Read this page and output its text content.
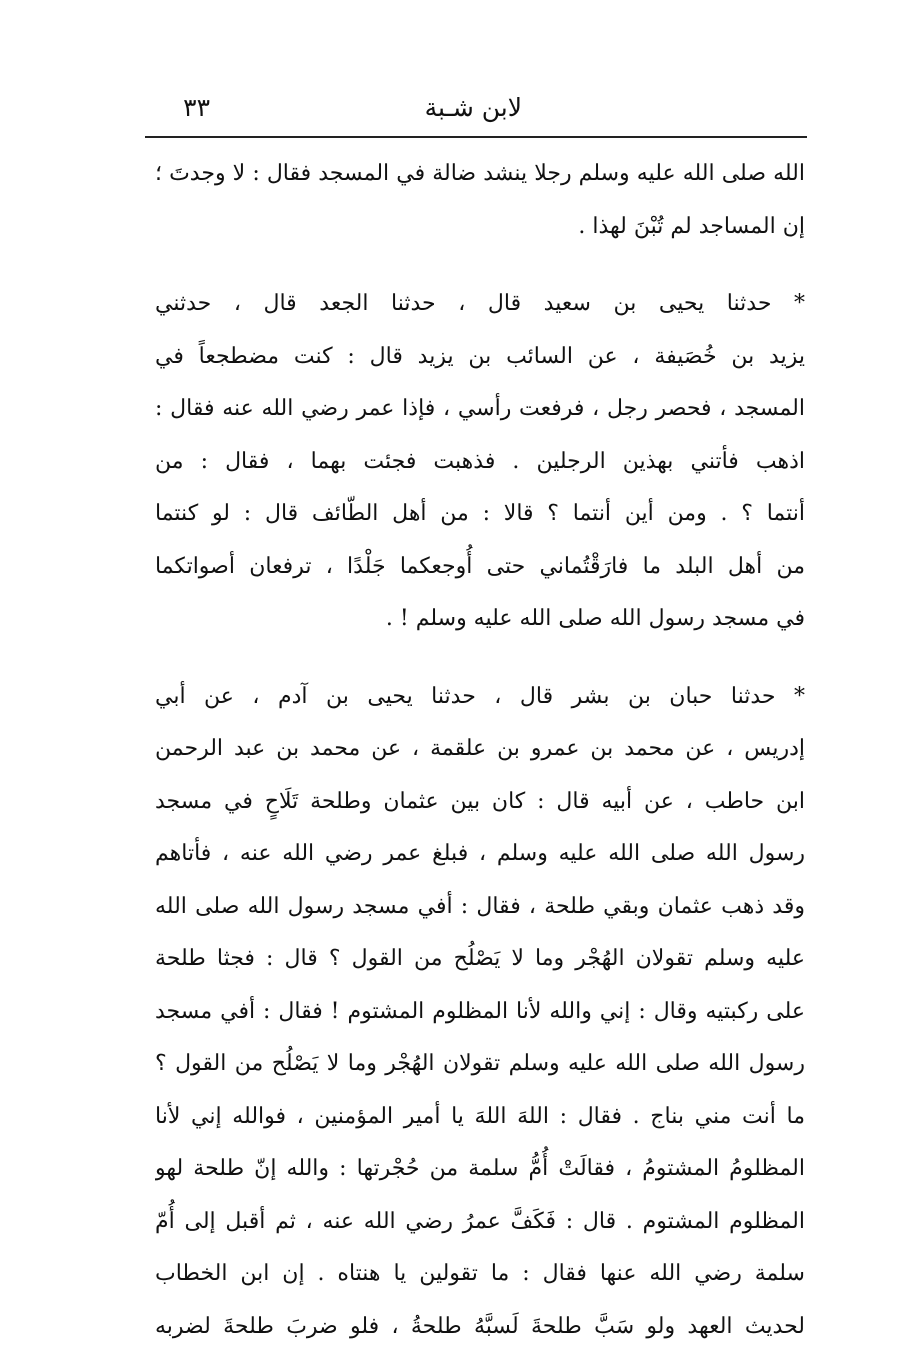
لابن شـبة
٣٣
الله صلى الله عليه وسلم رجلا ينشد ضالة في المسجد فقال : لا وجدتَ ؛
إن المساجد لم تُبْنَ لهذا .
* حدثنا يحيى بن سعيد قال ، حدثنا الجعد قال ، حدثني
يزيد بن خُصَيفة ، عن السائب بن يزيد قال : كنت مضطجعاً في
المسجد ، فحصر رجل ، فرفعت رأسي ، فإذا عمر رضي الله عنه فقال :
اذهب فأتني بهذين الرجلين . فذهبت فجئت بهما ، فقال : من
أنتما ؟ . ومن أين أنتما ؟ قالا : من أهل الطّائف قال : لو كنتما
من أهل البلد ما فارَقْتُماني حتى أُوجعكما جَلْدًا ، ترفعان أصواتكما
في مسجد رسول الله صلى الله عليه وسلم ! .
* حدثنا حبان بن بشر قال ، حدثنا يحيى بن آدم ، عن أبي
إدريس ، عن محمد بن عمرو بن علقمة ، عن محمد بن عبد الرحمن
ابن حاطب ، عن أبيه قال : كان بين عثمان وطلحة تَلَاحٍ في مسجد
رسول الله صلى الله عليه وسلم ، فبلغ عمر رضي الله عنه ، فأتاهم
وقد ذهب عثمان وبقي طلحة ، فقال : أفي مسجد رسول الله صلى الله
عليه وسلم تقولان الهُجْر وما لا يَصْلُح من القول ؟ قال : فجثا طلحة
على ركبتيه وقال : إني والله لأنا المظلوم المشتوم ! فقال : أفي مسجد
رسول الله صلى الله عليه وسلم تقولان الهُجْر وما لا يَصْلُح من القول ؟
ما أنت مني بناج . فقال : اللهَ اللهَ يا أمير المؤمنين ، فوالله إني لأنا
المظلومُ المشتومُ ، فقالَتْ أُمُّ سلمة من حُجْرتها : والله إنّ طلحة لهو
المظلوم المشتوم . قال : فَكَفَّ عمرُ رضي الله عنه ، ثم أقبل إلى أُمّ
سلمة رضي الله عنها فقال : ما تقولين يا هنتاه . إن ابن الخطاب
لحديث العهد ولو سَبَّ طلحةَ لَسبَّهُ طلحةُ ، فلو ضربَ طلحةَ لضربه
